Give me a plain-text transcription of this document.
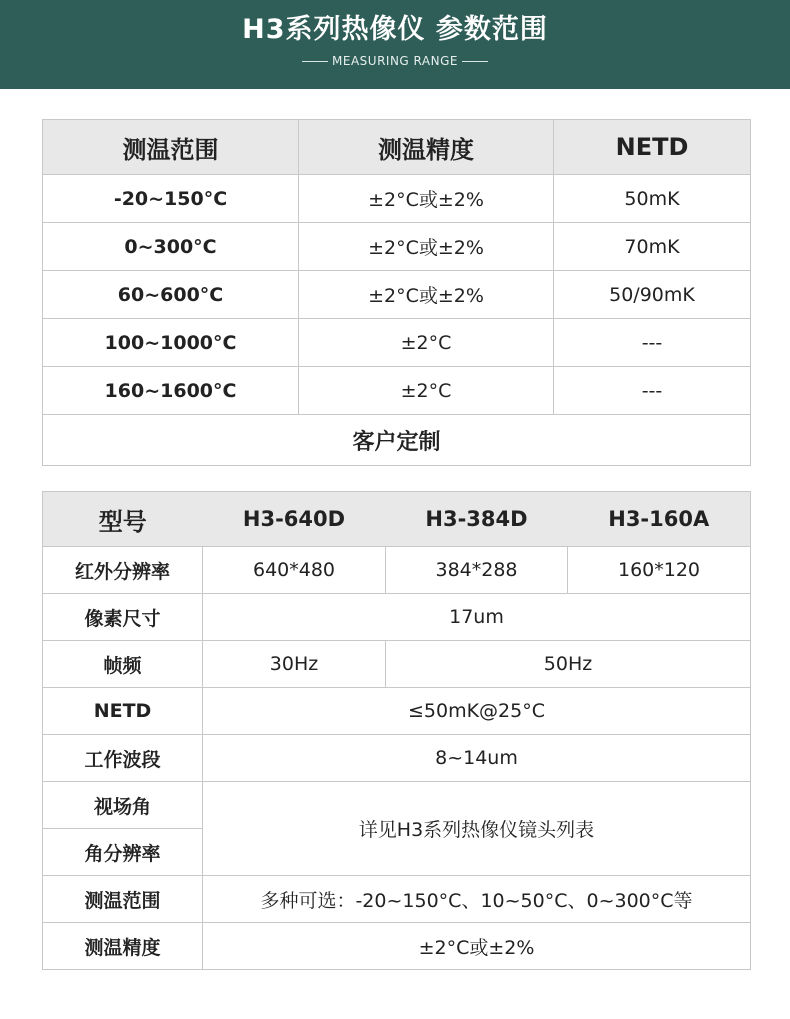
H3系列热像仪 参数范围
MEASURING RANGE
测温范围	测温精度	NETD
-20~150°C	±2°C或±2%	50mK
0~300°C	±2°C或±2%	70mK
60~600°C	±2°C或±2%	50/90mK
100~1000°C	±2°C	---
160~1600°C	±2°C	---
客户定制		
型号	H3-640D	H3-384D	H3-160A
红外分辨率	640*480	384*288	160*120
像素尺寸	17um		
帧频	30Hz	50Hz	
NETD	≤50mK@25°C		
工作波段	8~14um		
视场角	详见H3系列热像仪镜头列表		
角分辨率			
测温范围	多种可选：-20~150°C、10~50°C、0~300°C等		
测温精度	±2°C或±2%		
